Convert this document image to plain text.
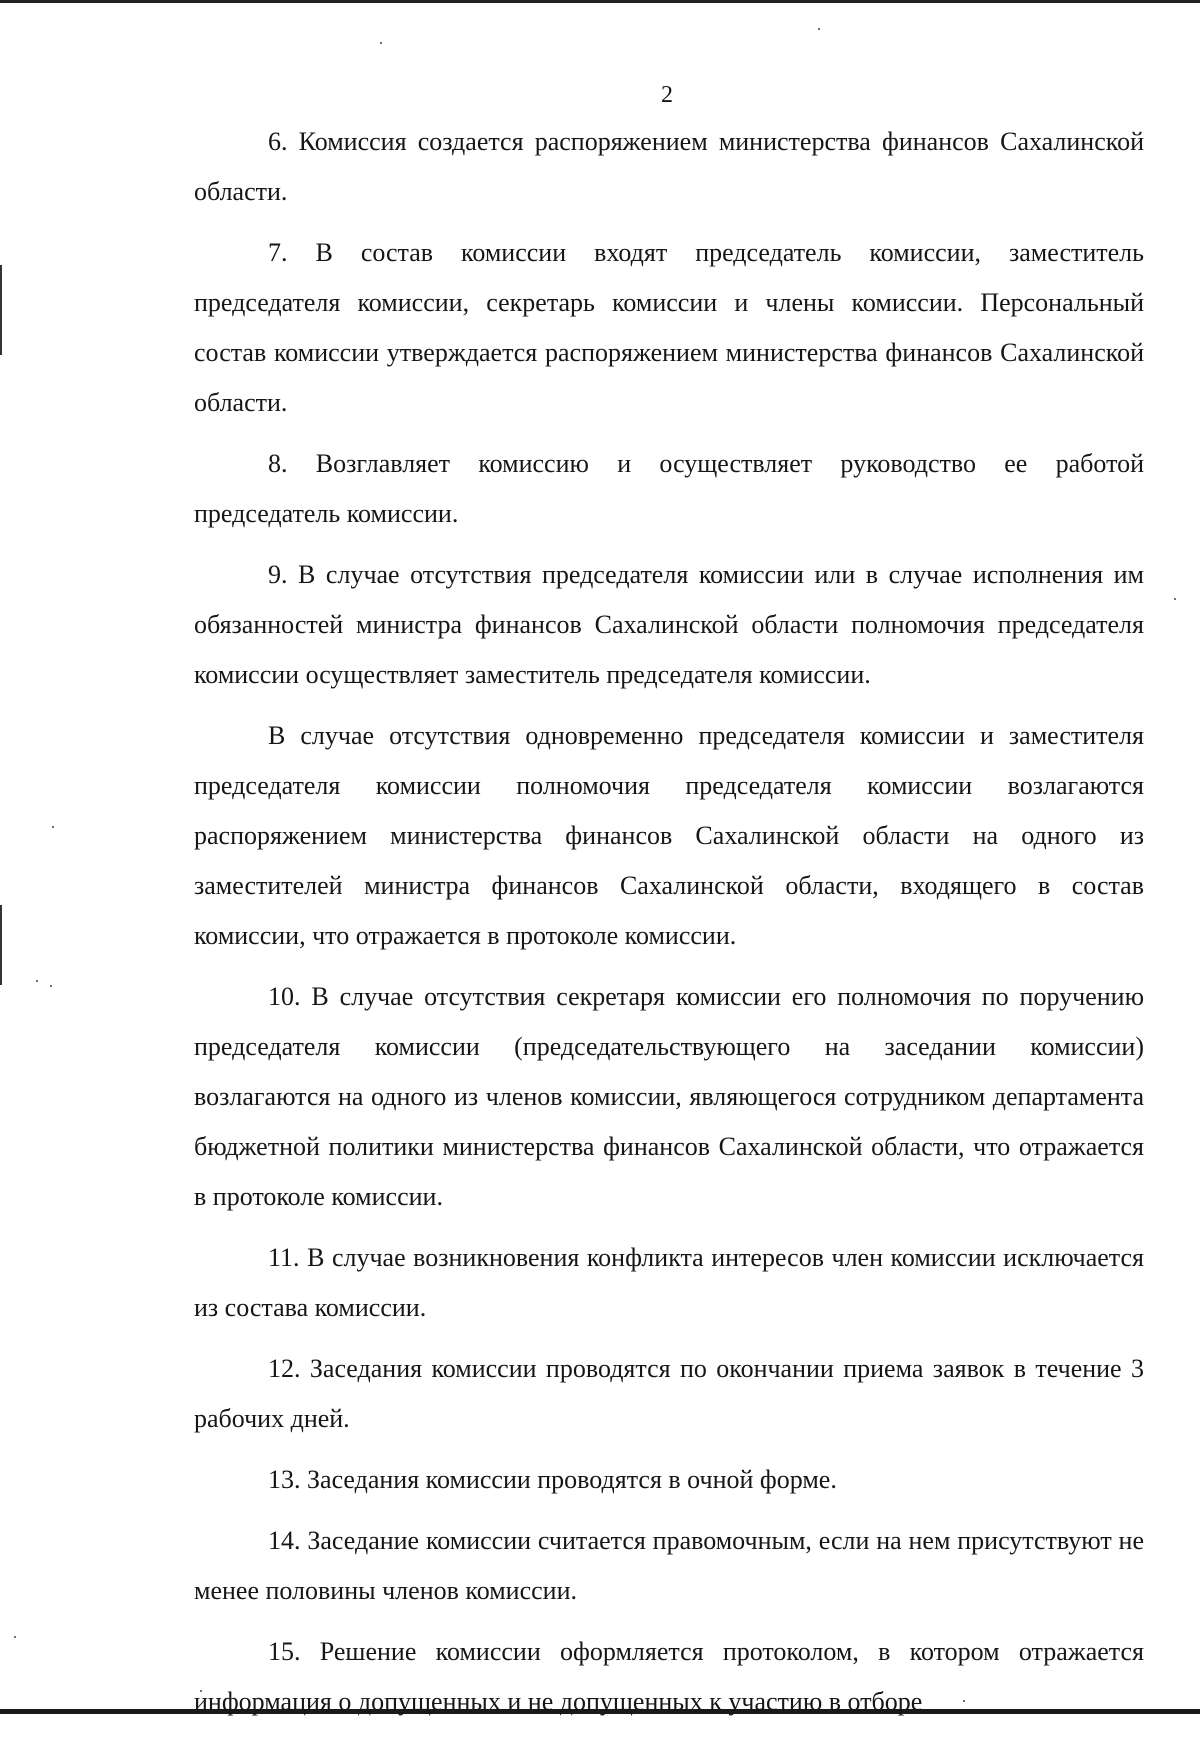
2

6. Комиссия создается распоряжением министерства финансов Сахалинской области.

7. В состав комиссии входят председатель комиссии, заместитель председателя комиссии, секретарь комиссии и члены комиссии. Персональный состав комиссии утверждается распоряжением министерства финансов Сахалинской области.

8. Возглавляет комиссию и осуществляет руководство ее работой председатель комиссии.

9. В случае отсутствия председателя комиссии или в случае исполнения им обязанностей министра финансов Сахалинской области полномочия председателя комиссии осуществляет заместитель председателя комиссии.

В случае отсутствия одновременно председателя комиссии и заместителя председателя комиссии полномочия председателя комиссии возлагаются распоряжением министерства финансов Сахалинской области на одного из заместителей министра финансов Сахалинской области, входящего в состав комиссии, что отражается в протоколе комиссии.

10. В случае отсутствия секретаря комиссии его полномочия по поручению председателя комиссии (председательствующего на заседании комиссии) возлагаются на одного из членов комиссии, являющегося сотрудником департамента бюджетной политики министерства финансов Сахалинской области, что отражается в протоколе комиссии.

11. В случае возникновения конфликта интересов член комиссии исключается из состава комиссии.

12. Заседания комиссии проводятся по окончании приема заявок в течение 3 рабочих дней.

13. Заседания комиссии проводятся в очной форме.

14. Заседание комиссии считается правомочным, если на нем присутствуют не менее половины членов комиссии.

15. Решение комиссии оформляется протоколом, в котором отражается информация о допущенных и не допущенных к участию в отборе
